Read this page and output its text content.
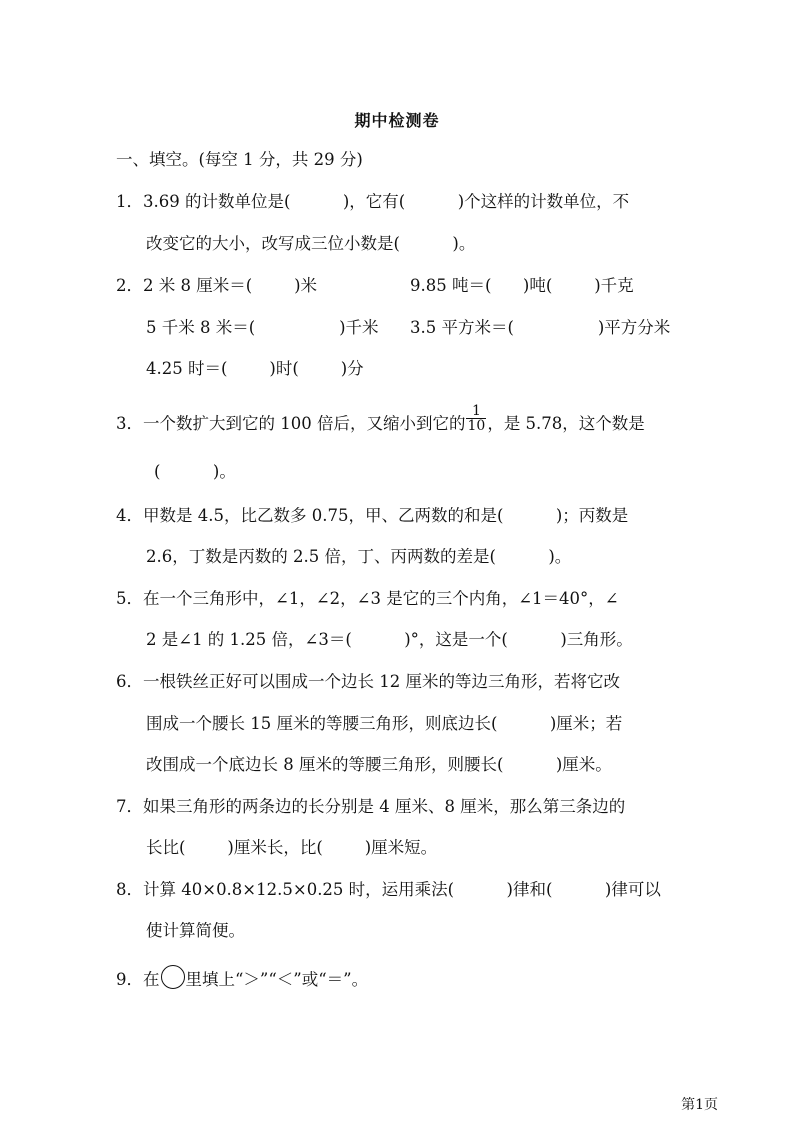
期中检测卷
一、填空。(每空 1 分，共 29 分)
1．3.69 的计数单位是(          )，它有(          )个这样的计数单位，不
改变它的大小，改写成三位小数是(          )。
2．2 米 8 厘米＝(        )米	9.85 吨＝(      )吨(        )千克
5 千米 8 米＝(                )千米 3.5 平方米＝(                )平方分米
4.25 时＝(        )时(        )分
3．一个数扩大到它的 100 倍后，又缩小到它的 $\frac{1}{10}$ ，是 5.78，这个数是
(          )。
4．甲数是 4.5，比乙数多 0.75，甲、乙两数的和是(          )；丙数是
2.6，丁数是丙数的 2.5 倍，丁、丙两数的差是(          )。
5．在一个三角形中，∠1，∠2，∠3 是它的三个内角，∠1＝40°，∠
2 是∠1 的 1.25 倍，∠3＝(          )°，这是一个(          )三角形。
6．一根铁丝正好可以围成一个边长 12 厘米的等边三角形，若将它改
围成一个腰长 15 厘米的等腰三角形，则底边长(          )厘米；若
改围成一个底边长 8 厘米的等腰三角形，则腰长(          )厘米。
7．如果三角形的两条边的长分别是 4 厘米、8 厘米，那么第三条边的
长比(        )厘米长，比(        )厘米短。
8．计算 40×0.8×12.5×0.25 时，运用乘法(          )律和(          )律可以
使计算简便。
9．在 里填上“＞”“＜”或“＝”。
第1页
